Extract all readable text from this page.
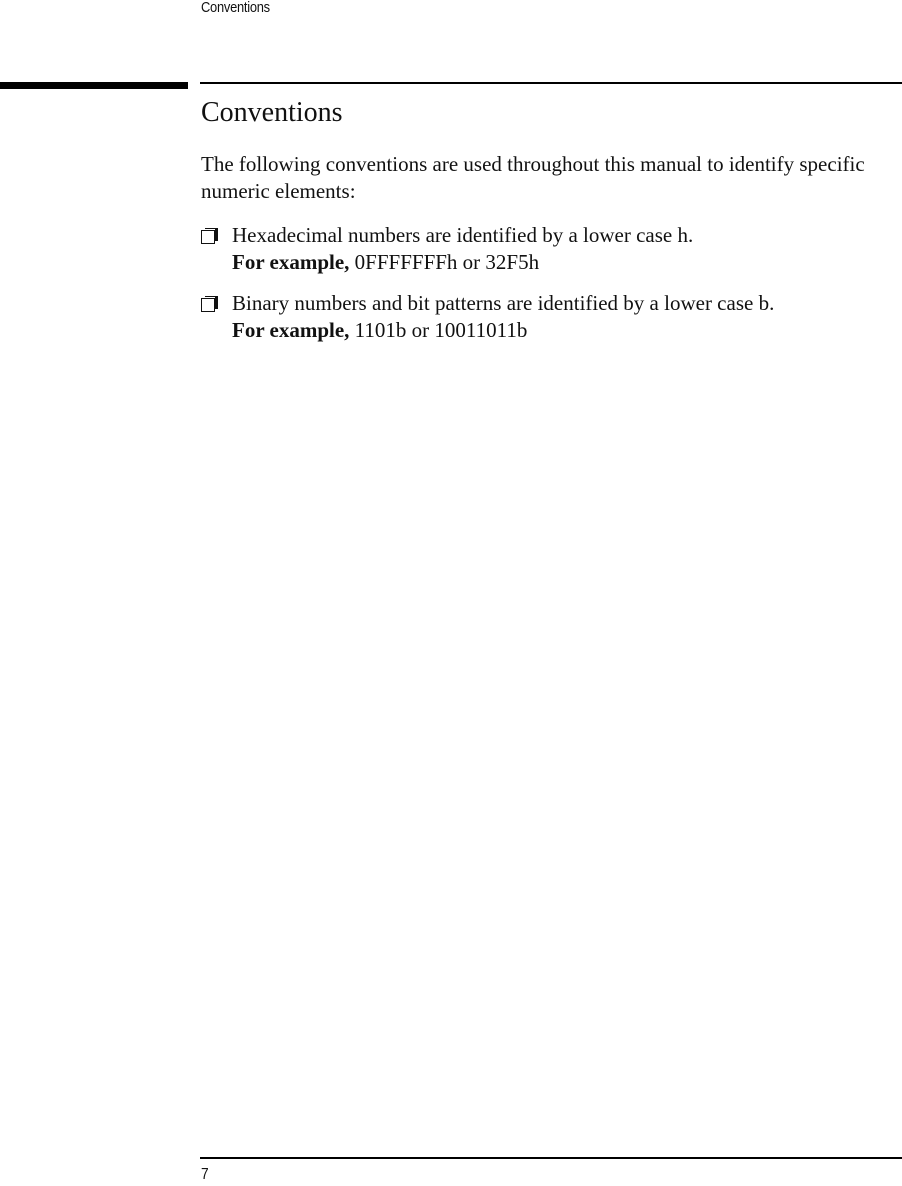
Conventions
Conventions

The following conventions are used throughout this manual to identify specific numeric elements:

Hexadecimal numbers are identified by a lower case h.
For example, 0FFFFFFFh or 32F5h
Binary numbers and bit patterns are identified by a lower case b.
For example, 1101b or 10011011b
7
